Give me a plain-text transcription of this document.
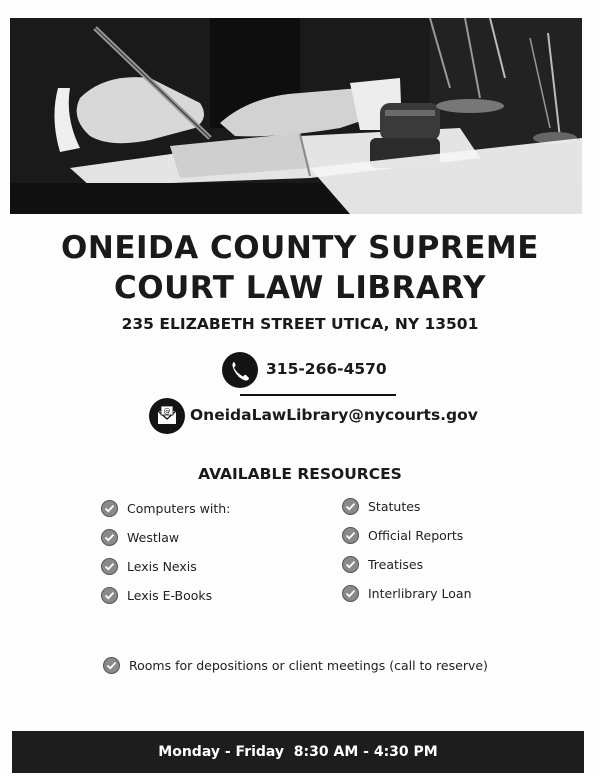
ONEIDA COUNTY SUPREME
COURT LAW LIBRARY

235 ELIZABETH STREET UTICA, NY 13501

315-266-4570
@ OneidaLawLibrary@nycourts.gov
AVAILABLE RESOURCES
Computers with:
Westlaw
Lexis Nexis
Lexis E-Books
Statutes
Official Reports
Treatises
Interlibrary Loan
Rooms for depositions or client meetings (call to reserve)
Monday - Friday  8:30 AM - 4:30 PM
